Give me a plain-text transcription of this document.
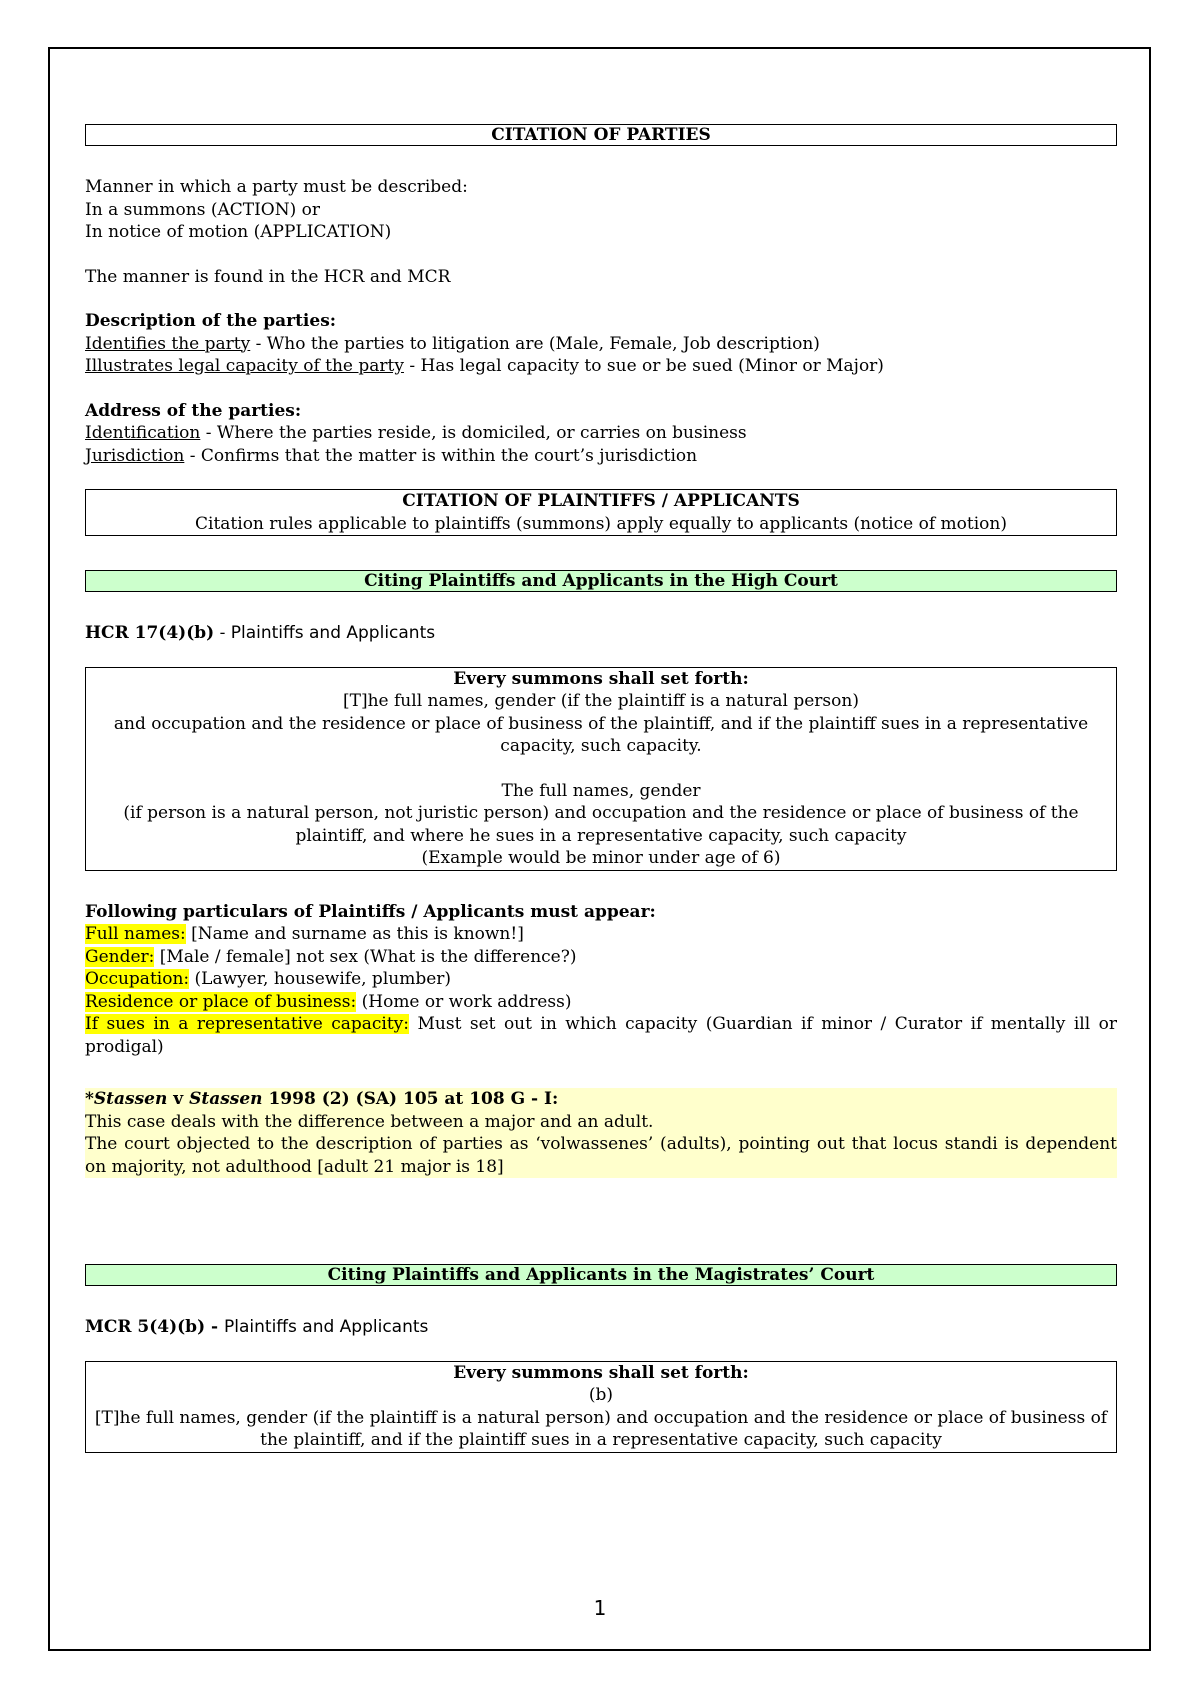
CITATION OF PARTIES

Manner in which a party must be described:

In a summons (ACTION) or

In notice of motion (APPLICATION)

The manner is found in the HCR and MCR

Description of the parties:

Identifies the party - Who the parties to litigation are (Male, Female, Job description)

Illustrates legal capacity of the party - Has legal capacity to sue or be sued (Minor or Major)

Address of the parties:

Identification - Where the parties reside, is domiciled, or carries on business

Jurisdiction - Confirms that the matter is within the court’s jurisdiction

CITATION OF PLAINTIFFS / APPLICANTS
Citation rules applicable to plaintiffs (summons) apply equally to applicants (notice of motion)
Citing Plaintiffs and Applicants in the High Court

HCR 17(4)(b) - Plaintiffs and Applicants

Every summons shall set forth:
[T]he full names, gender (if the plaintiff is a natural person)
and occupation and the residence or place of business of the plaintiff, and if the plaintiff sues in a representative capacity, such capacity.
The full names, gender
(if person is a natural person, not juristic person) and occupation and the residence or place of business of the plaintiff, and where he sues in a representative capacity, such capacity
(Example would be minor under age of 6)

Following particulars of Plaintiffs / Applicants must appear:

Full names: [Name and surname as this is known!]

Gender: [Male / female] not sex (What is the difference?)

Occupation: (Lawyer, housewife, plumber)

Residence or place of business: (Home or work address)

If sues in a representative capacity: Must set out in which capacity (Guardian if minor / Curator if mentally ill or prodigal)

*Stassen v Stassen 1998 (2) (SA) 105 at 108 G - I:

This case deals with the difference between a major and an adult.

The court objected to the description of parties as ‘volwassenes’ (adults), pointing out that locus standi is dependent on majority, not adulthood [adult 21 major is 18]

Citing Plaintiffs and Applicants in the Magistrates’ Court

MCR 5(4)(b) - Plaintiffs and Applicants

Every summons shall set forth:
(b)
[T]he full names, gender (if the plaintiff is a natural person) and occupation and the residence or place of business of the plaintiff, and if the plaintiff sues in a representative capacity, such capacity
1
